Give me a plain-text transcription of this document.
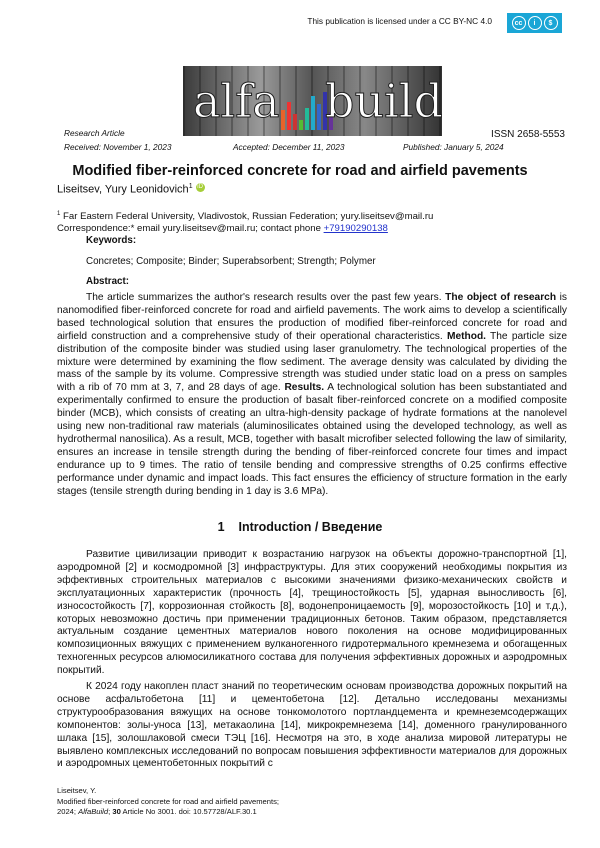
This publication is licensed under a CC BY-NC 4.0	cc	i	$
alfa build
Research Article	ISSN 2658-5553
Received: November 1, 2023	Accepted: December 11, 2023	Published: January 5, 2024
Modified fiber-reinforced concrete for road and airfield pavements
Liseitsev, Yury Leonidovich1 iD
1 Far Eastern Federal University, Vladivostok, Russian Federation; yury.liseitsev@mail.ru
Correspondence:* email yury.liseitsev@mail.ru; contact phone +79190290138
Keywords:
Concretes; Composite; Binder; Superabsorbent; Strength; Polymer
Abstract:
The article summarizes the author's research results over the past few years. The object of research is nanomodified fiber-reinforced concrete for road and airfield pavements. The work aims to develop a scientifically based technological solution that ensures the production of modified fiber-reinforced concrete for road and airfield construction and a comprehensive study of their operational characteristics. Method. The particle size distribution of the composite binder was studied using laser granulometry. The technological properties of the mixture were determined by examining the flow sediment. The average density was calculated by dividing the mass of the sample by its volume. Compressive strength was studied under static load on a press on samples with a rib of 70 mm at 3, 7, and 28 days of age. Results. A technological solution has been substantiated and experimentally confirmed to ensure the production of basalt fiber-reinforced concrete on a modified composite binder (MCB), which consists of creating an ultra-high-density package of hydrate formations at the nanolevel using new non-traditional raw materials (aluminosilicates obtained using the developed technology, as well as hydrothermal nanosilica). As a result, MCB, together with basalt microfiber selected following the law of similarity, ensures an increase in tensile strength during the bending of fiber-reinforced concrete four times and impact endurance up to 9 times. The ratio of tensile bending and compressive strengths of 0.25 confirms effective performance under dynamic and impact loads. This fact ensures the efficiency of structure formation in the early stages (tensile strength during bending in 1 day is 3.6 MPa).
1    Introduction / Введение
Развитие цивилизации приводит к возрастанию нагрузок на объекты дорожно-транспортной [1], аэродромной [2] и космодромной [3] инфраструктуры. Для этих сооружений необходимы покрытия из эффективных строительных материалов с высокими значениями физико-механических свойств и эксплуатационных характеристик (прочность [4], трещиностойкость [5], ударная выносливость [6], износостойкость [7], коррозионная стойкость [8], водонепроницаемость [9], морозостойкость [10] и т.д.), которых невозможно достичь при применении традиционных бетонов. Таким образом, представляется актуальным создание цементных материалов нового поколения на основе модифицированных композиционных вяжущих с применением вулканогенного гидротермального кремнезема и обогащенных техногенных ресурсов алюмосиликатного состава для получения эффективных дорожных и аэродромных покрытий.
К 2024 году накоплен пласт знаний по теоретическим основам производства дорожных покрытий на основе асфальтобетона [11] и цементобетона [12]. Детально исследованы механизмы структурообразования вяжущих на основе тонкомолотого портландцемента и кремнеземсодержащих компонентов: золы-уноса [13], метакаолина [14], микрокремнезема [14], доменного гранулированного шлака [15], золошлаковой смеси ТЭЦ [16]. Несмотря на это, в ходе анализа мировой литературы не выявлено комплексных исследований по вопросам повышения эффективности материалов для дорожных и аэродромных цементобетонных покрытий с
Liseitsev, Y.
Modified fiber-reinforced concrete for road and airfield pavements;
2024; AlfaBuild; 30 Article No 3001. doi: 10.57728/ALF.30.1
